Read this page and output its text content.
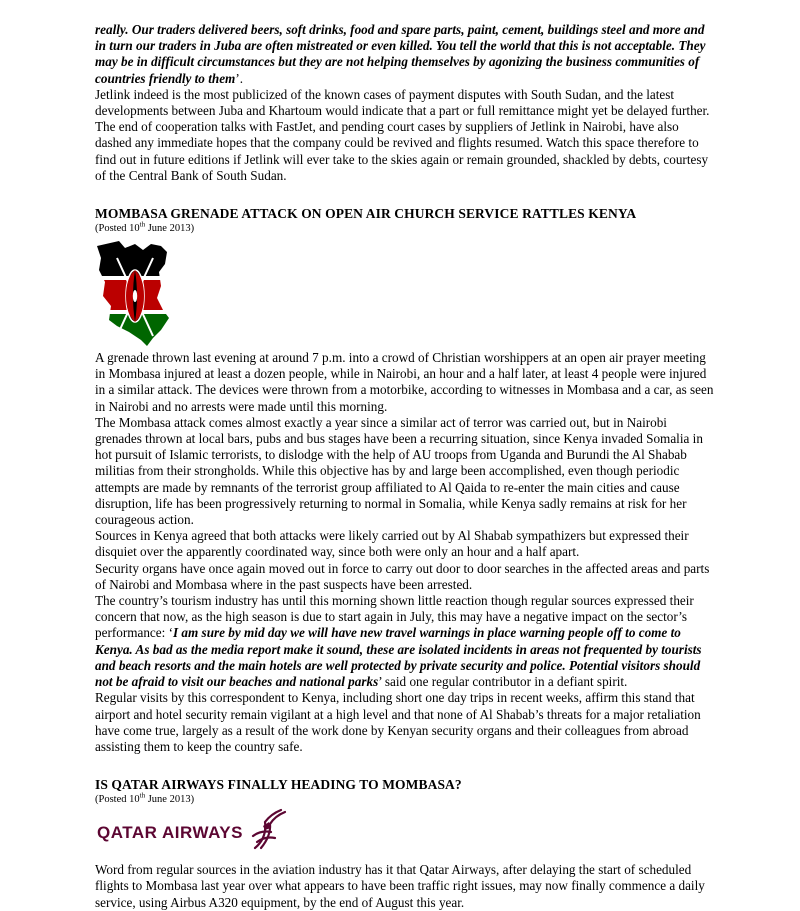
really. Our traders delivered beers, soft drinks, food and spare parts, paint, cement, buildings steel and more and in turn our traders in Juba are often mistreated or even killed. You tell the world that this is not acceptable. They may be in difficult circumstances but they are not helping themselves by agonizing the business communities of countries friendly to them’.

Jetlink indeed is the most publicized of the known cases of payment disputes with South Sudan, and the latest developments between Juba and Khartoum would indicate that a part or full remittance might yet be delayed further. The end of cooperation talks with FastJet, and pending court cases by suppliers of Jetlink in Nairobi, have also dashed any immediate hopes that the company could be revived and flights resumed. Watch this space therefore to find out in future editions if Jetlink will ever take to the skies again or remain grounded, shackled by debts, courtesy of the Central Bank of South Sudan.

MOMBASA GRENADE ATTACK ON OPEN AIR CHURCH SERVICE RATTLES KENYA
(Posted 10th June 2013)

A grenade thrown last evening at around 7 p.m. into a crowd of Christian worshippers at an open air prayer meeting in Mombasa injured at least a dozen people, while in Nairobi, an hour and a half later, at least 4 people were injured in a similar attack. The devices were thrown from a motorbike, according to witnesses in Mombasa and a car, as seen in Nairobi and no arrests were made until this morning.

The Mombasa attack comes almost exactly a year since a similar act of terror was carried out, but in Nairobi grenades thrown at local bars, pubs and bus stages have been a recurring situation, since Kenya invaded Somalia in hot pursuit of Islamic terrorists, to dislodge with the help of AU troops from Uganda and Burundi the Al Shabab militias from their strongholds. While this objective has by and large been accomplished, even though periodic attempts are made by remnants of the terrorist group affiliated to Al Qaida to re-enter the main cities and cause disruption, life has been progressively returning to normal in Somalia, while Kenya sadly remains at risk for her courageous action.

Sources in Kenya agreed that both attacks were likely carried out by Al Shabab sympathizers but expressed their disquiet over the apparently coordinated way, since both were only an hour and a half apart.

Security organs have once again moved out in force to carry out door to door searches in the affected areas and parts of Nairobi and Mombasa where in the past suspects have been arrested.

The country’s tourism industry has until this morning shown little reaction though regular sources expressed their concern that now, as the high season is due to start again in July, this may have a negative impact on the sector’s performance: ‘I am sure by mid day we will have new travel warnings in place warning people off to come to Kenya. As bad as the media report make it sound, these are isolated incidents in areas not frequented by tourists and beach resorts and the main hotels are well protected by private security and police. Potential visitors should not be afraid to visit our beaches and national parks’ said one regular contributor in a defiant spirit.

Regular visits by this correspondent to Kenya, including short one day trips in recent weeks, affirm this stand that airport and hotel security remain vigilant at a high level and that none of Al Shabab’s threats for a major retaliation have come true, largely as a result of the work done by Kenyan security organs and their colleagues from abroad assisting them to keep the country safe.

IS QATAR AIRWAYS FINALLY HEADING TO MOMBASA?
(Posted 10th June 2013)
QATAR AIRWAYS

Word from regular sources in the aviation industry has it that Qatar Airways, after delaying the start of scheduled flights to Mombasa last year over what appears to have been traffic right issues, may now finally commence a daily service, using Airbus A320 equipment, by the end of August this year.
